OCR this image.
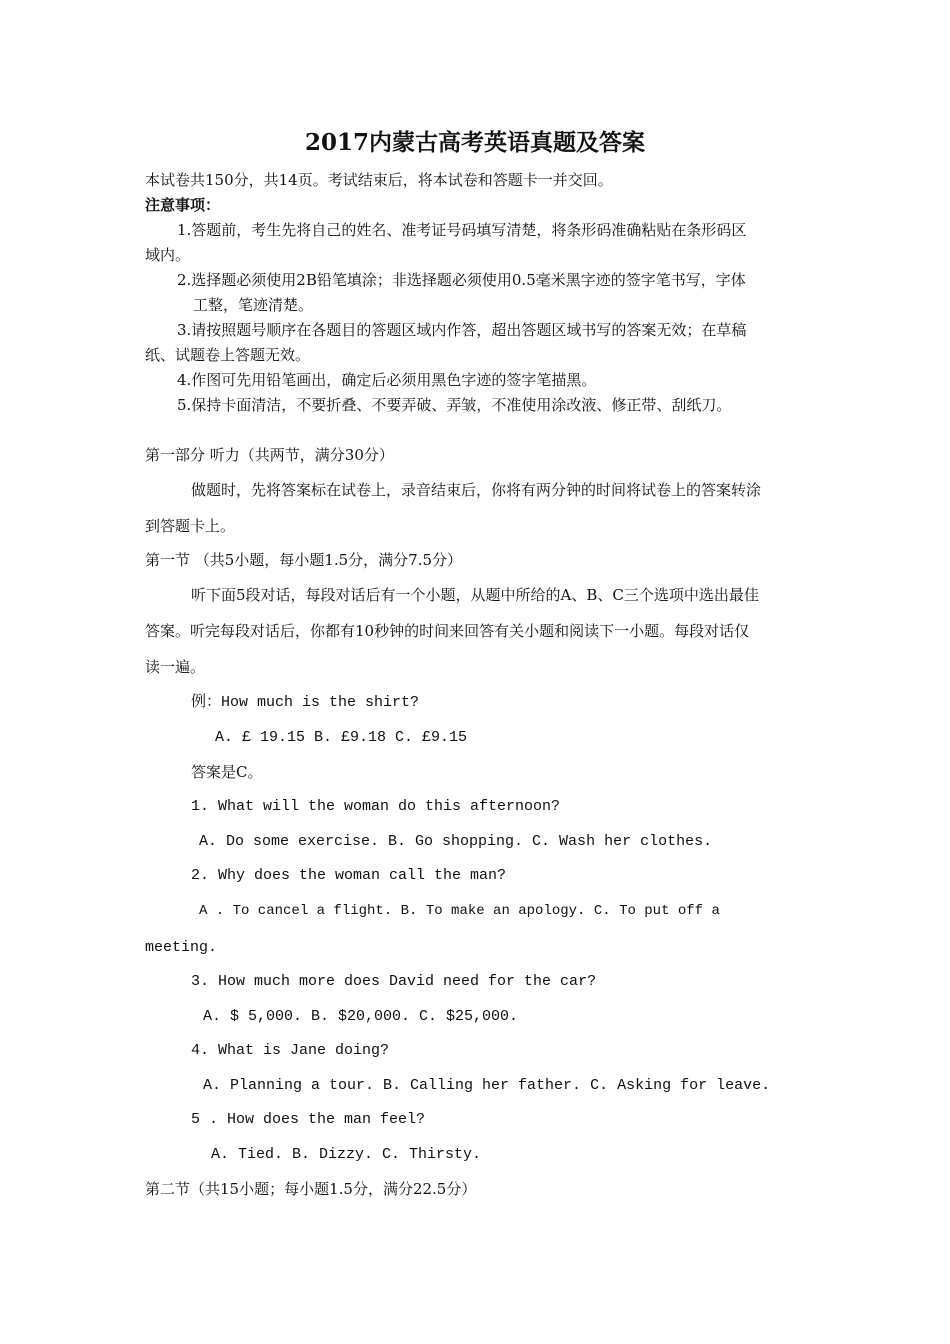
2017内蒙古高考英语真题及答案
本试卷共150分，共14页。考试结束后，将本试卷和答题卡一并交回。
注意事项：
1.答题前，考生先将自己的姓名、准考证号码填写清楚，将条形码准确粘贴在条形码区
域内。
2.选择题必须使用2B铅笔填涂；非选择题必须使用0.5毫米黑字迹的签字笔书写，字体
工整，笔迹清楚。
3.请按照题号顺序在各题目的答题区域内作答，超出答题区域书写的答案无效；在草稿
纸、试题卷上答题无效。
4.作图可先用铅笔画出，确定后必须用黑色字迹的签字笔描黑。
5.保持卡面清洁，不要折叠、不要弄破、弄皱，不准使用涂改液、修正带、刮纸刀。
第一部分 听力（共两节，满分30分）
做题时，先将答案标在试卷上，录音结束后，你将有两分钟的时间将试卷上的答案转涂
到答题卡上。
第一节 （共5小题，每小题1.5分，满分7.5分）
听下面5段对话，每段对话后有一个小题，从题中所给的A、B、C三个选项中选出最佳
答案。听完每段对话后，你都有10秒钟的时间来回答有关小题和阅读下一小题。每段对话仅
读一遍。
例：How much is the shirt?
A. £ 19.15 B. £9.18 C. £9.15
答案是C。
1. What will the woman do this afternoon?
A. Do some exercise. B. Go shopping. C. Wash her clothes.
2. Why does the woman call the man?
A . To cancel a flight. B. To make an apology. C. To put off a
meeting.
3. How much more does David need for the car?
A. $ 5,000. B. $20,000. C. $25,000.
4. What is Jane doing?
A. Planning a tour. B. Calling her father. C. Asking for leave.
5 . How does the man feel?
A. Tied. B. Dizzy. C. Thirsty.
第二节（共15小题；每小题1.5分，满分22.5分）
